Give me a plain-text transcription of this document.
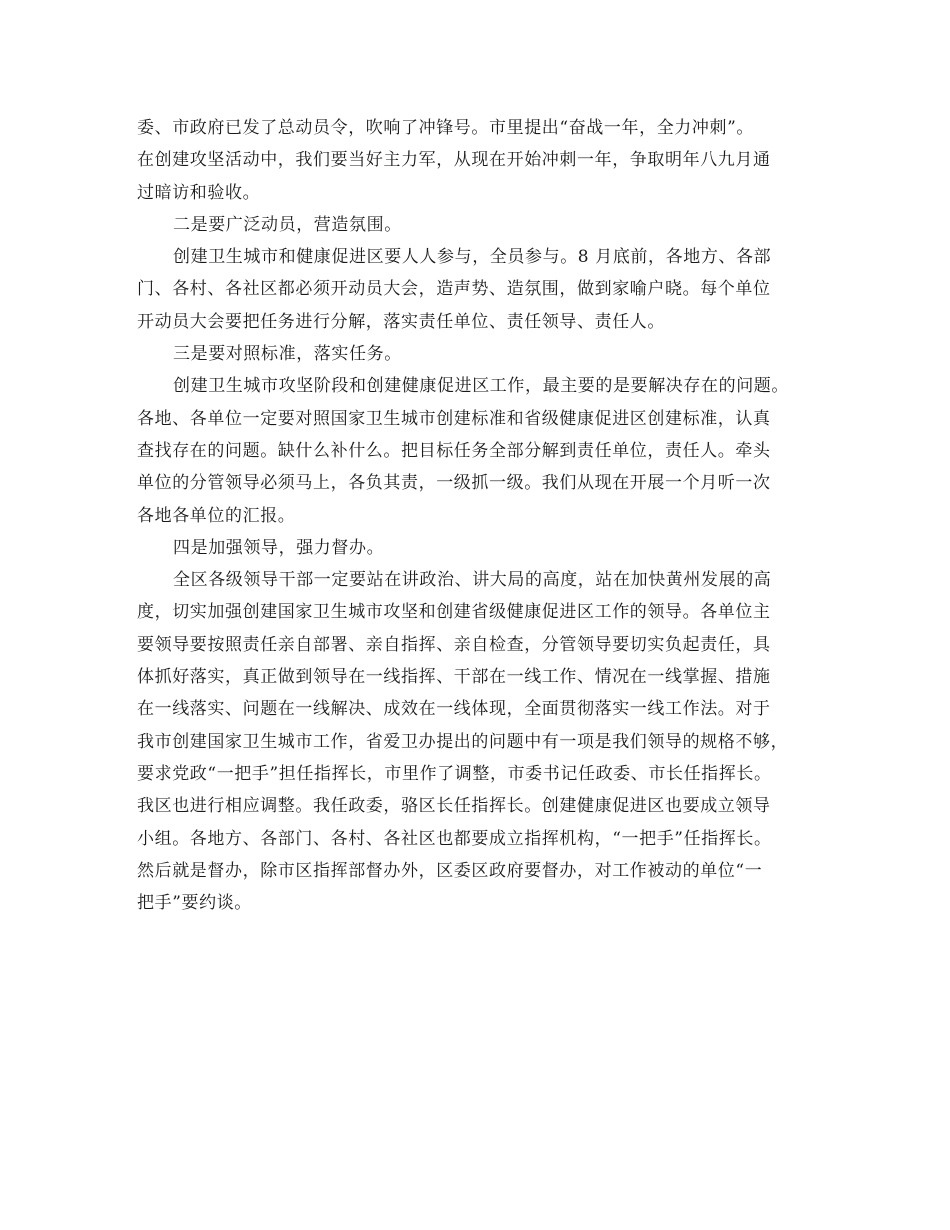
委、市政府已发了总动员令，吹响了冲锋号。市里提出“奋战一年，全力冲刺”。
在创建攻坚活动中，我们要当好主力军，从现在开始冲刺一年，争取明年八九月通
过暗访和验收。
二是要广泛动员，营造氛围。
创建卫生城市和健康促进区要人人参与，全员参与。8 月底前，各地方、各部
门、各村、各社区都必须开动员大会，造声势、造氛围，做到家喻户晓。每个单位
开动员大会要把任务进行分解，落实责任单位、责任领导、责任人。
三是要对照标准，落实任务。
创建卫生城市攻坚阶段和创建健康促进区工作，最主要的是要解决存在的问题。
各地、各单位一定要对照国家卫生城市创建标准和省级健康促进区创建标准，认真
查找存在的问题。缺什么补什么。把目标任务全部分解到责任单位，责任人。牵头
单位的分管领导必须马上，各负其责，一级抓一级。我们从现在开展一个月听一次
各地各单位的汇报。
四是加强领导，强力督办。
全区各级领导干部一定要站在讲政治、讲大局的高度，站在加快黄州发展的高
度，切实加强创建国家卫生城市攻坚和创建省级健康促进区工作的领导。各单位主
要领导要按照责任亲自部署、亲自指挥、亲自检查，分管领导要切实负起责任，具
体抓好落实，真正做到领导在一线指挥、干部在一线工作、情况在一线掌握、措施
在一线落实、问题在一线解决、成效在一线体现，全面贯彻落实一线工作法。对于
我市创建国家卫生城市工作，省爱卫办提出的问题中有一项是我们领导的规格不够，
要求党政“一把手”担任指挥长，市里作了调整，市委书记任政委、市长任指挥长。
我区也进行相应调整。我任政委，骆区长任指挥长。创建健康促进区也要成立领导
小组。各地方、各部门、各村、各社区也都要成立指挥机构，“一把手”任指挥长。
然后就是督办，除市区指挥部督办外，区委区政府要督办，对工作被动的单位“一
把手”要约谈。
